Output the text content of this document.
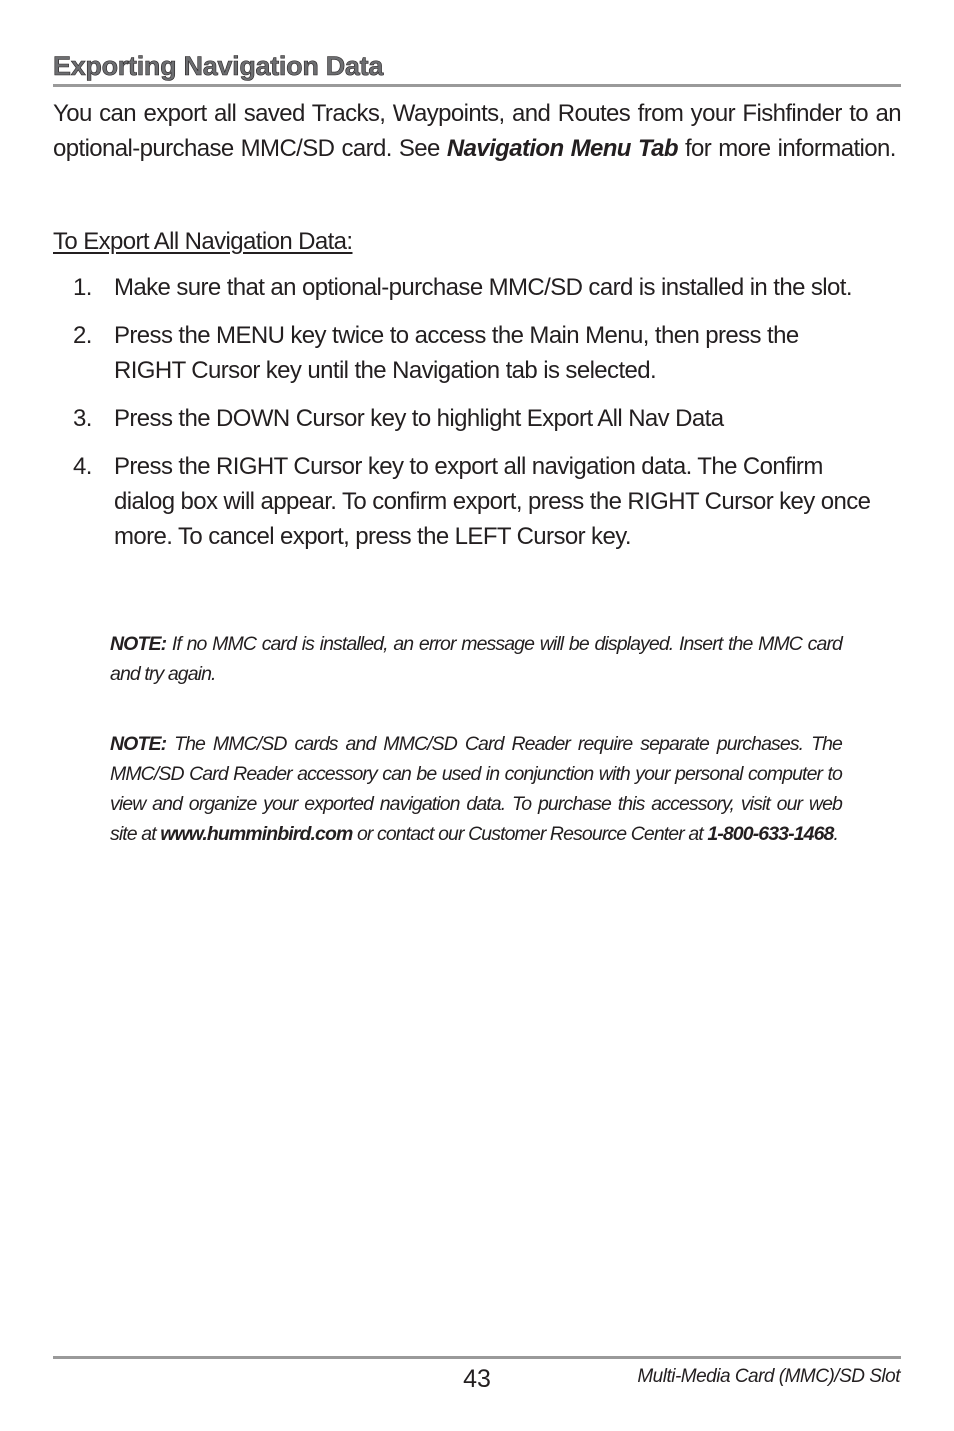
Exporting Navigation Data

You can export all saved Tracks, Waypoints, and Routes from your Fishfinder to an optional-purchase MMC/SD card. See Navigation Menu Tab for more information.

To Export All Navigation Data:

1. Make sure that an optional-purchase MMC/SD card is installed in the slot.
2. Press the MENU key twice to access the Main Menu, then press the RIGHT Cursor key until the Navigation tab is selected.
3. Press the DOWN Cursor key to highlight Export All Nav Data
4. Press the RIGHT Cursor key to export all navigation data. The Confirm dialog box will appear. To confirm export, press the RIGHT Cursor key once more. To cancel export, press the LEFT Cursor key.

NOTE: If no MMC card is installed, an error message will be displayed. Insert the MMC card and try again.

NOTE: The MMC/SD cards and MMC/SD Card Reader require separate purchases. The MMC/SD Card Reader accessory can be used in conjunction with your personal computer to view and organize your exported navigation data. To purchase this accessory, visit our web site at www.humminbird.com or contact our Customer Resource Center at 1-800-633-1468.

43	Multi-Media Card (MMC)/SD Slot
